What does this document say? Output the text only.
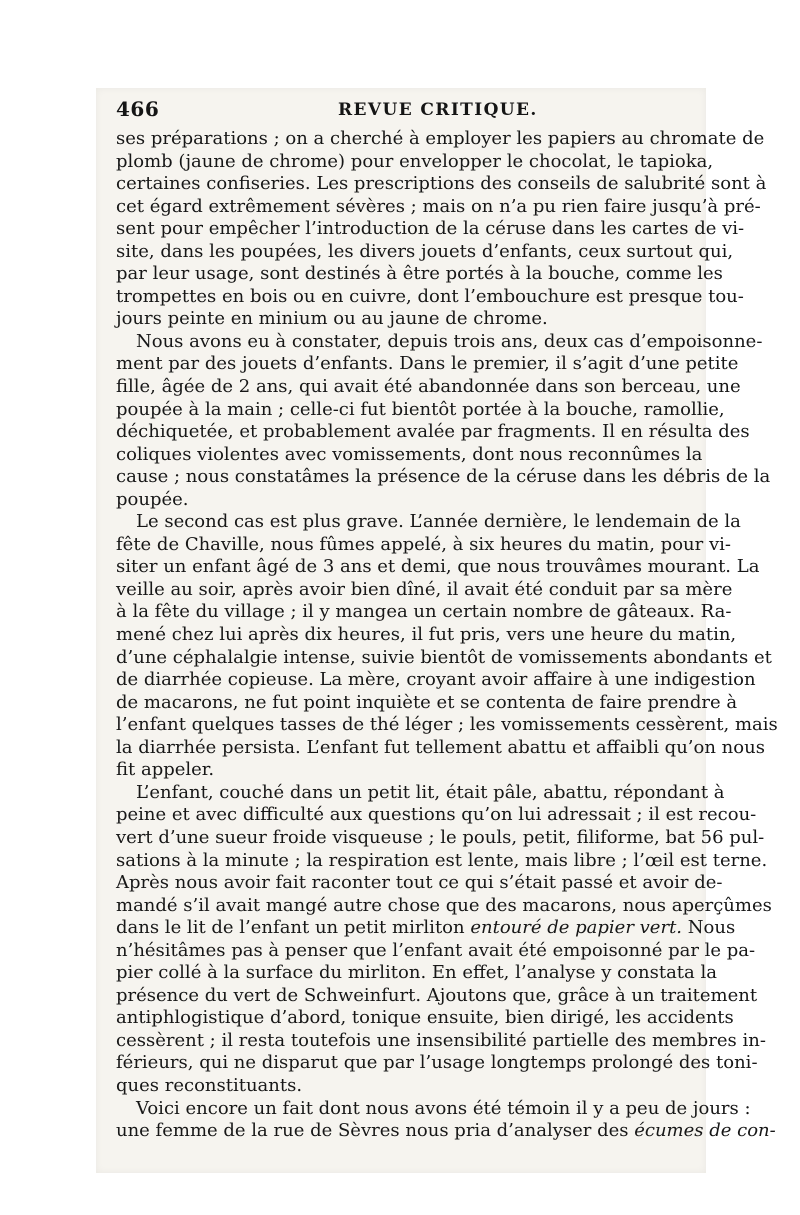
466	REVUE CRITIQUE.
ses préparations ; on a cherché à employer les papiers au chromate de
plomb (jaune de chrome) pour envelopper le chocolat, le tapioka,
certaines confiseries. Les prescriptions des conseils de salubrité sont à
cet égard extrêmement sévères ; mais on n’a pu rien faire jusqu’à pré-
sent pour empêcher l’introduction de la céruse dans les cartes de vi-
site, dans les poupées, les divers jouets d’enfants, ceux surtout qui,
par leur usage, sont destinés à être portés à la bouche, comme les
trompettes en bois ou en cuivre, dont l’embouchure est presque tou-
jours peinte en minium ou au jaune de chrome.
Nous avons eu à constater, depuis trois ans, deux cas d’empoisonne-
ment par des jouets d’enfants. Dans le premier, il s’agit d’une petite
fille, âgée de 2 ans, qui avait été abandonnée dans son berceau, une
poupée à la main ; celle-ci fut bientôt portée à la bouche, ramollie,
déchiquetée, et probablement avalée par fragments. Il en résulta des
coliques violentes avec vomissements, dont nous reconnûmes la
cause ; nous constatâmes la présence de la céruse dans les débris de la
poupée.
Le second cas est plus grave. L’année dernière, le lendemain de la
fête de Chaville, nous fûmes appelé, à six heures du matin, pour vi-
siter un enfant âgé de 3 ans et demi, que nous trouvâmes mourant. La
veille au soir, après avoir bien dîné, il avait été conduit par sa mère
à la fête du village ; il y mangea un certain nombre de gâteaux. Ra-
mené chez lui après dix heures, il fut pris, vers une heure du matin,
d’une céphalalgie intense, suivie bientôt de vomissements abondants et
de diarrhée copieuse. La mère, croyant avoir affaire à une indigestion
de macarons, ne fut point inquiète et se contenta de faire prendre à
l’enfant quelques tasses de thé léger ; les vomissements cessèrent, mais
la diarrhée persista. L’enfant fut tellement abattu et affaibli qu’on nous
fit appeler.
L’enfant, couché dans un petit lit, était pâle, abattu, répondant à
peine et avec difficulté aux questions qu’on lui adressait ; il est recou-
vert d’une sueur froide visqueuse ; le pouls, petit, filiforme, bat 56 pul-
sations à la minute ; la respiration est lente, mais libre ; l’œil est terne.
Après nous avoir fait raconter tout ce qui s’était passé et avoir de-
mandé s’il avait mangé autre chose que des macarons, nous aperçûmes
dans le lit de l’enfant un petit mirliton entouré de papier vert. Nous
n’hésitâmes pas à penser que l’enfant avait été empoisonné par le pa-
pier collé à la surface du mirliton. En effet, l’analyse y constata la
présence du vert de Schweinfurt. Ajoutons que, grâce à un traitement
antiphlogistique d’abord, tonique ensuite, bien dirigé, les accidents
cessèrent ; il resta toutefois une insensibilité partielle des membres in-
férieurs, qui ne disparut que par l’usage longtemps prolongé des toni-
ques reconstituants.
Voici encore un fait dont nous avons été témoin il y a peu de jours :
une femme de la rue de Sèvres nous pria d’analyser des écumes de con-
